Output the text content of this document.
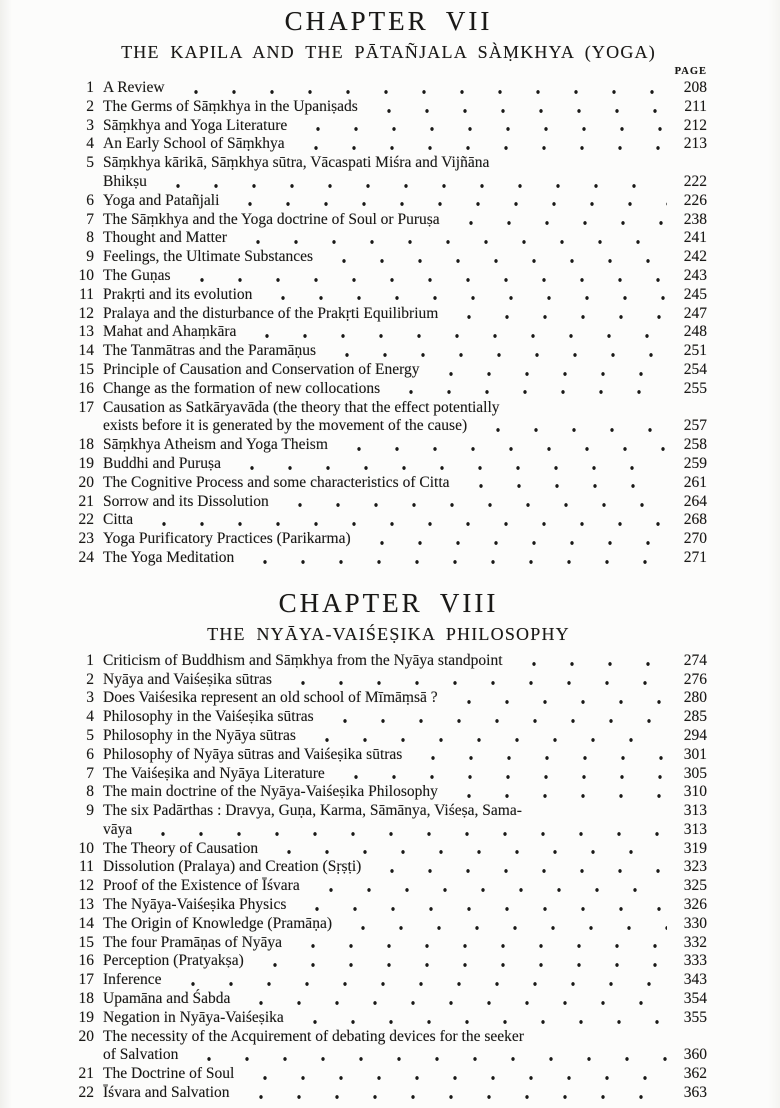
CHAPTER VII
THE KAPILA AND THE PĀTAÑJALA SÀṂKHYA (YOGA)
PAGE
1 A Review	208
2 The Germs of Sāṃkhya in the Upaniṣads	211
3 Sāṃkhya and Yoga Literature	212
4 An Early School of Sāṃkhya	213
5 Sāṃkhya kārikā, Sāṃkhya sūtra, Vācaspati Miśra and Vijñāna
Bhikṣu	222
6 Yoga and Patañjali	226
7 The Sāṃkhya and the Yoga doctrine of Soul or Puruṣa	238
8 Thought and Matter	241
9 Feelings, the Ultimate Substances	242
10 The Guṇas	243
11 Prakṛti and its evolution	245
12 Pralaya and the disturbance of the Prakṛti Equilibrium	247
13 Mahat and Ahaṃkāra	248
14 The Tanmātras and the Paramāṇus	251
15 Principle of Causation and Conservation of Energy	254
16 Change as the formation of new collocations	255
17 Causation as Satkāryavāda (the theory that the effect potentially
exists before it is generated by the movement of the cause)	257
18 Sāṃkhya Atheism and Yoga Theism	258
19 Buddhi and Puruṣa	259
20 The Cognitive Process and some characteristics of Citta	261
21 Sorrow and its Dissolution	264
22 Citta	268
23 Yoga Purificatory Practices (Parikarma)	270
24 The Yoga Meditation	271
CHAPTER VIII
THE NYĀYA-VAIŚEṢIKA PHILOSOPHY
1 Criticism of Buddhism and Sāṃkhya from the Nyāya standpoint	274
2 Nyāya and Vaiśeṣika sūtras	276
3 Does Vaiśesika represent an old school of Mīmāṃsā ?	280
4 Philosophy in the Vaiśeṣika sūtras	285
5 Philosophy in the Nyāya sūtras	294
6 Philosophy of Nyāya sūtras and Vaiśeṣika sūtras	301
7 The Vaiśeṣika and Nyāya Literature	305
8 The main doctrine of the Nyāya-Vaiśeṣika Philosophy	310
9 The six Padārthas : Dravya, Guṇa, Karma, Sāmānya, Viśeṣa, Sama-	313
vāya	313
10 The Theory of Causation	319
11 Dissolution (Pralaya) and Creation (Sṛṣṭi)	323
12 Proof of the Existence of Īśvara	325
13 The Nyāya-Vaiśeṣika Physics	326
14 The Origin of Knowledge (Pramāṇa)	330
15 The four Pramāṇas of Nyāya	332
16 Perception (Pratyakṣa)	333
17 Inference	343
18 Upamāna and Śabda	354
19 Negation in Nyāya-Vaiśeṣika	355
20 The necessity of the Acquirement of debating devices for the seeker
of Salvation	360
21 The Doctrine of Soul	362
22 Īśvara and Salvation	363
